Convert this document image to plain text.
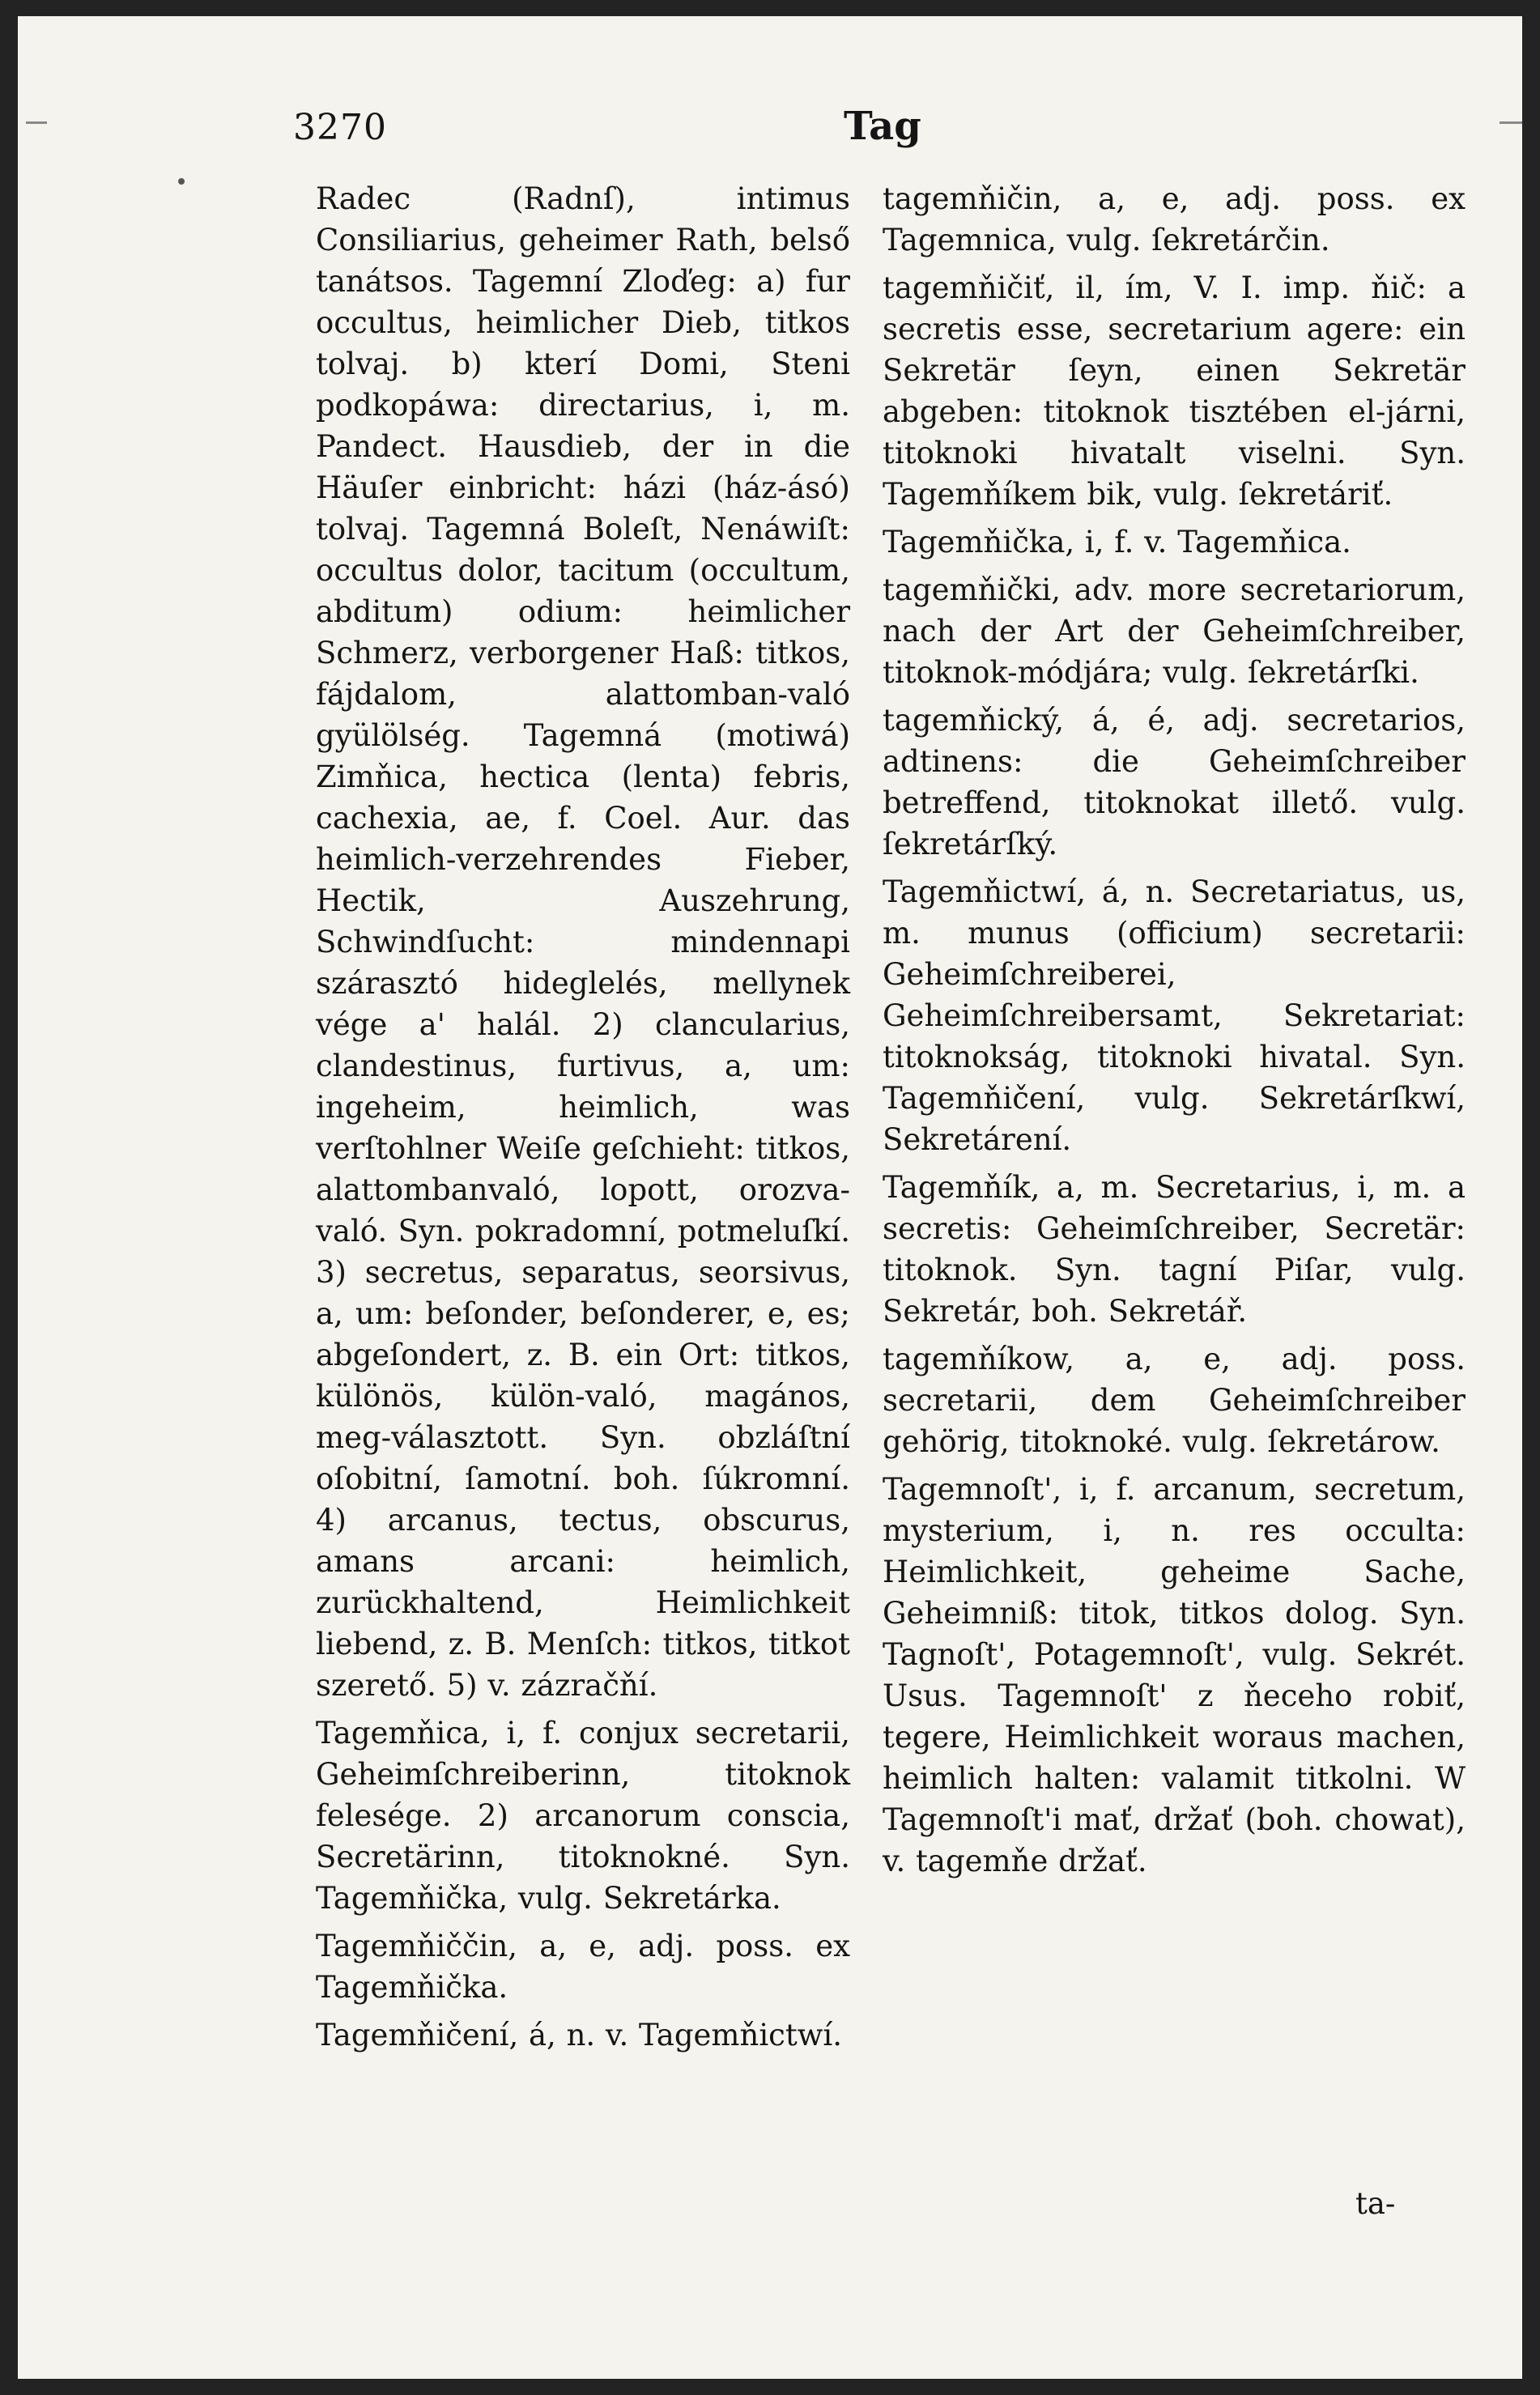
3270	Tag

Radec (Radnſ), intimus Consiliarius, geheimer Rath, belső tanátsos. Tagemní Zloďeg: a) fur occultus, heimlicher Dieb, titkos tolvaj. b) kterí Domi, Steni podkopáwa: directarius, i, m. Pandect. Hausdieb, der in die Häuſer einbricht: házi (ház-ásó) tolvaj. Tagemná Boleſt, Nenáwiſt: occultus dolor, tacitum (occultum, abditum) odium: heimlicher Schmerz, verborgener Haß: titkos, fájdalom, alattomban-való gyülölség. Tagemná (motiwá) Zimňica, hectica (lenta) febris, cachexia, ae, f. Coel. Aur. das heimlich-verzehrendes Fieber, Hectik, Auszehrung, Schwindſucht: mindennapi szárasztó hideglelés, mellynek vége a' halál. 2) clancularius, clandestinus, furtivus, a, um: ingeheim, heimlich, was verſtohlner Weiſe geſchieht: titkos, alattombanvaló, lopott, orozva-való. Syn. pokradomní, potmeluſkí. 3) secretus, separatus, seorsivus, a, um: beſonder, beſonderer, e, es; abgeſondert, z. B. ein Ort: titkos, különös, külön-való, magános, meg-választott. Syn. obzláſtní oſobitní, ſamotní. boh. ſúkromní. 4) arcanus, tectus, obscurus, amans arcani: heimlich, zurückhaltend, Heimlichkeit liebend, z. B. Menſch: titkos, titkot szerető. 5) v. zázračňí.

Tagemňica, i, f. conjux secretarii, Geheimſchreiberinn, titoknok felesége. 2) arcanorum conscia, Secretärinn, titoknokné. Syn. Tagemňička, vulg. Sekretárka.

Tagemňiččin, a, e, adj. poss. ex Tagemňička.

Tagemňičení, á, n. v. Tagemňictwí.

tagemňičin, a, e, adj. poss. ex Tagemnica, vulg. ſekretárčin.

tagemňičiť, il, ím, V. I. imp. ňič: a secretis esse, secretarium agere: ein Sekretär ſeyn, einen Sekretär abgeben: titoknok tisztében el-járni, titoknoki hivatalt viselni. Syn. Tagemňíkem bik, vulg. ſekretáriť.

Tagemňička, i, f. v. Tagemňica.

tagemňički, adv. more secretariorum, nach der Art der Geheimſchreiber, titoknok-módjára; vulg. ſekretárſki.

tagemňický, á, é, adj. secretarios, adtinens: die Geheimſchreiber betreffend, titoknokat illető. vulg. ſekretárſký.

Tagemňictwí, á, n. Secretariatus, us, m. munus (officium) secretarii: Geheimſchreiberei, Geheimſchreibersamt, Sekretariat: titoknokság, titoknoki hivatal. Syn. Tagemňičení, vulg. Sekretárſkwí, Sekretárení.

Tagemňík, a, m. Secretarius, i, m. a secretis: Geheimſchreiber, Secretär: titoknok. Syn. tagní Piſar, vulg. Sekretár, boh. Sekretář.

tagemňíkow, a, e, adj. poss. secretarii, dem Geheimſchreiber gehörig, titoknoké. vulg. ſekretárow.

Tagemnoſt', i, f. arcanum, secretum, mysterium, i, n. res occulta: Heimlichkeit, geheime Sache, Geheimniß: titok, titkos dolog. Syn. Tagnoſt', Potagemnoſt', vulg. Sekrét. Usus. Tagemnoſt' z ňeceho robiť, tegere, Heimlichkeit woraus machen, heimlich halten: valamit titkolni. W Tagemnoſt'i mať, držať (boh. chowat), v. tagemňe držať.

ta-
